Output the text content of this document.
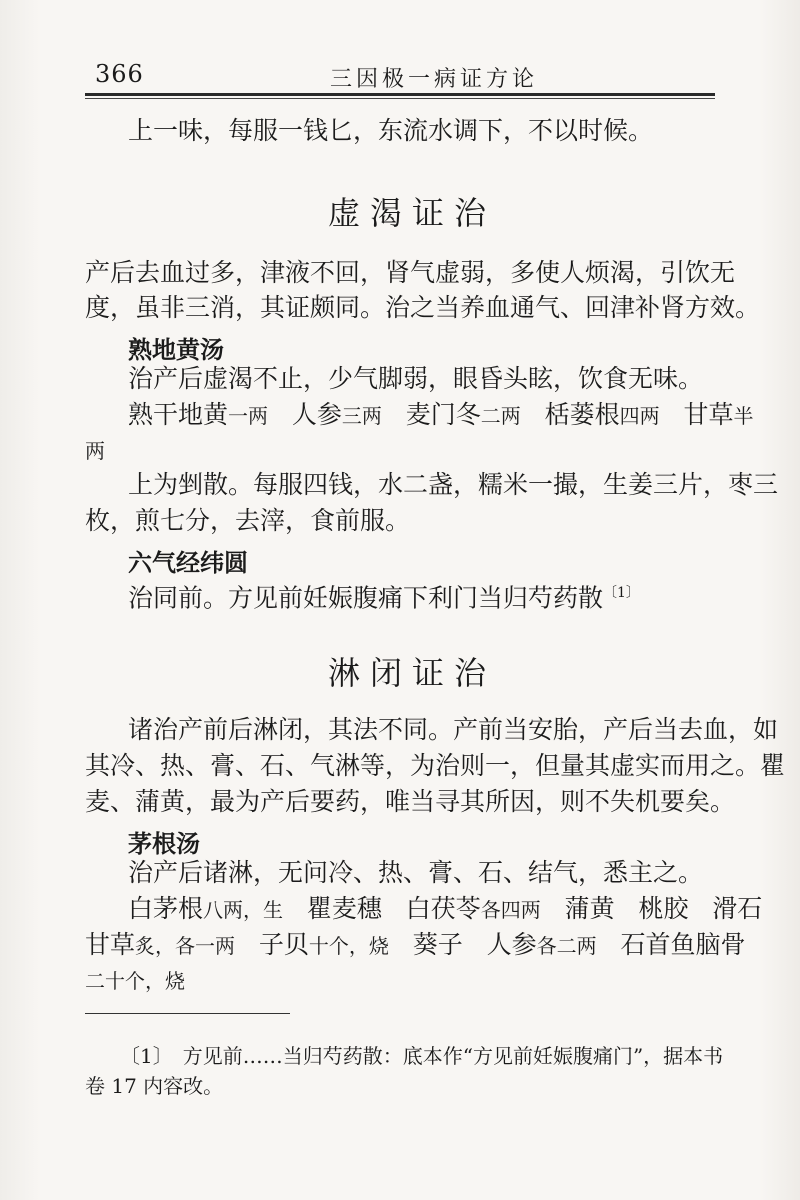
366	三因极一病证方论
上一味，每服一钱匕，东流水调下，不以时候。
虚渴证治
产后去血过多，津液不回，肾气虚弱，多使人烦渴，引饮无
度，虽非三消，其证颇同。治之当养血通气、回津补肾方效。
熟地黄汤
治产后虚渴不止，少气脚弱，眼昏头眩，饮食无味。
熟干地黄一两 人参三两 麦门冬二两 栝蒌根四两 甘草半
两
上为剉散。每服四钱，水二盏，糯米一撮，生姜三片，枣三
枚，煎七分，去滓，食前服。
六气经纬圆
治同前。方见前妊娠腹痛下利门当归芍药散$^{〔1〕}$
淋闭证治
诸治产前后淋闭，其法不同。产前当安胎，产后当去血，如
其冷、热、膏、石、气淋等，为治则一，但量其虚实而用之。瞿
麦、蒲黄，最为产后要药，唯当寻其所因，则不失机要矣。
茅根汤
治产后诸淋，无问冷、热、膏、石、结气，悉主之。
白茅根八两，生 瞿麦穗 白茯苓各四两 蒲黄 桃胶 滑石
甘草炙，各一两 子贝十个，烧 葵子 人参各二两 石首鱼脑骨
二十个，烧
〔1〕　方见前……当归芍药散：底本作“方见前妊娠腹痛门”，据本书
卷 17 内容改。
